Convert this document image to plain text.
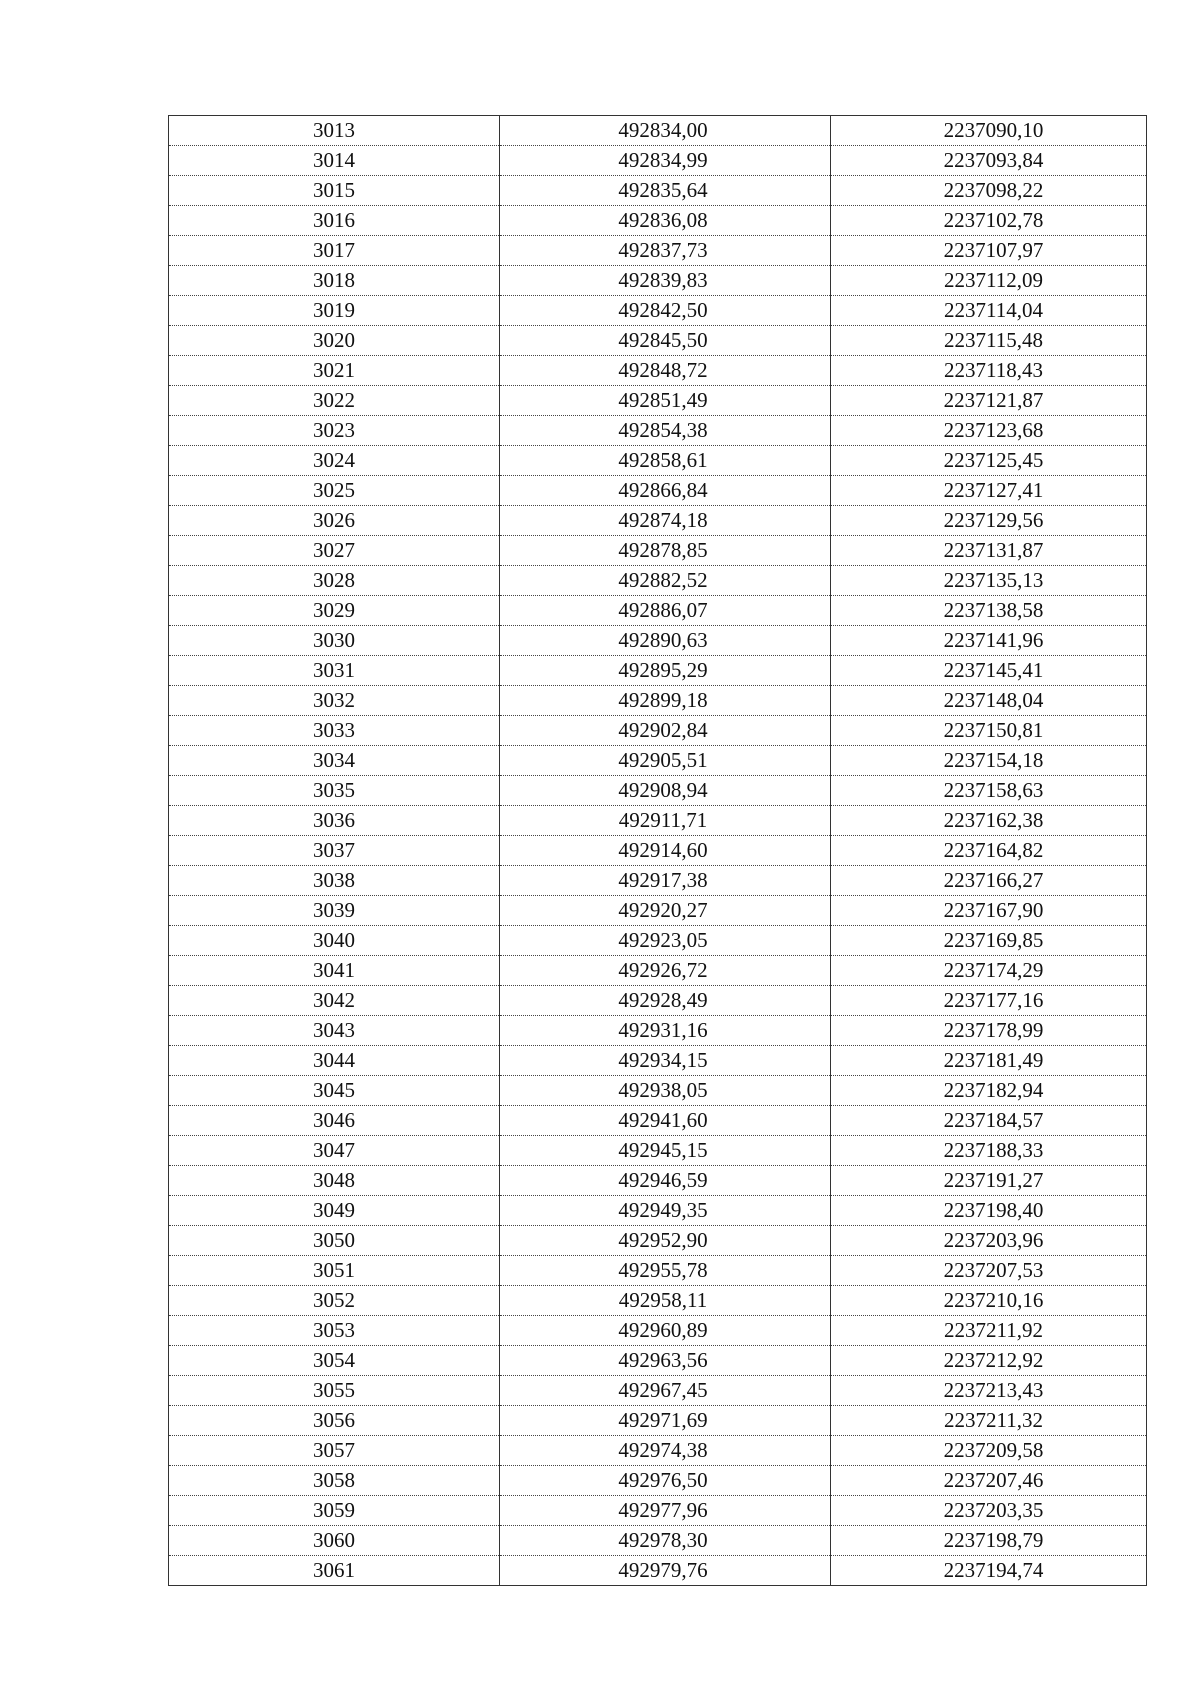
3013	492834,00	2237090,10
3014	492834,99	2237093,84
3015	492835,64	2237098,22
3016	492836,08	2237102,78
3017	492837,73	2237107,97
3018	492839,83	2237112,09
3019	492842,50	2237114,04
3020	492845,50	2237115,48
3021	492848,72	2237118,43
3022	492851,49	2237121,87
3023	492854,38	2237123,68
3024	492858,61	2237125,45
3025	492866,84	2237127,41
3026	492874,18	2237129,56
3027	492878,85	2237131,87
3028	492882,52	2237135,13
3029	492886,07	2237138,58
3030	492890,63	2237141,96
3031	492895,29	2237145,41
3032	492899,18	2237148,04
3033	492902,84	2237150,81
3034	492905,51	2237154,18
3035	492908,94	2237158,63
3036	492911,71	2237162,38
3037	492914,60	2237164,82
3038	492917,38	2237166,27
3039	492920,27	2237167,90
3040	492923,05	2237169,85
3041	492926,72	2237174,29
3042	492928,49	2237177,16
3043	492931,16	2237178,99
3044	492934,15	2237181,49
3045	492938,05	2237182,94
3046	492941,60	2237184,57
3047	492945,15	2237188,33
3048	492946,59	2237191,27
3049	492949,35	2237198,40
3050	492952,90	2237203,96
3051	492955,78	2237207,53
3052	492958,11	2237210,16
3053	492960,89	2237211,92
3054	492963,56	2237212,92
3055	492967,45	2237213,43
3056	492971,69	2237211,32
3057	492974,38	2237209,58
3058	492976,50	2237207,46
3059	492977,96	2237203,35
3060	492978,30	2237198,79
3061	492979,76	2237194,74
